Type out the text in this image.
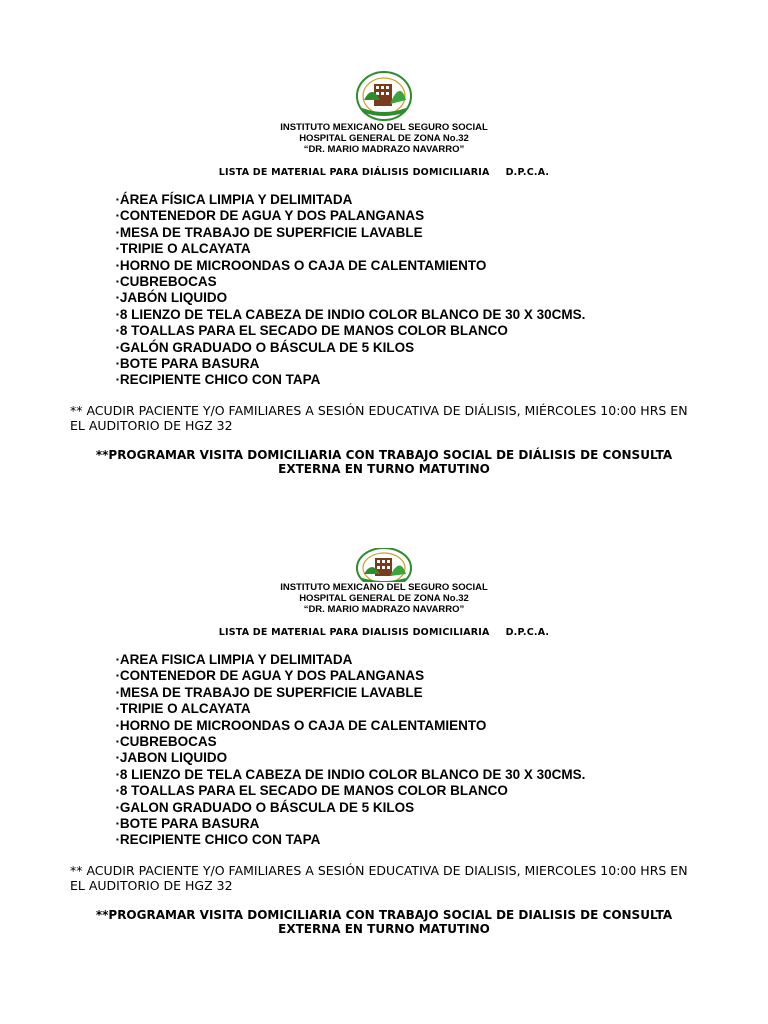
INSTITUTO MEXICANO DEL SEGURO SOCIAL
HOSPITAL GENERAL DE ZONA No.32
“DR. MARIO MADRAZO NAVARRO”
LISTA DE MATERIAL PARA DIÁLISIS DOMICILIARIA D.P.C.A.
▪ÁREA FÍSICA LIMPIA Y DELIMITADA
▪CONTENEDOR DE AGUA Y DOS PALANGANAS
▪MESA DE TRABAJO DE SUPERFICIE LAVABLE
▪TRIPIE O ALCAYATA
▪HORNO DE MICROONDAS O CAJA DE CALENTAMIENTO
▪CUBREBOCAS
▪JABÓN LIQUIDO
▪8 LIENZO DE TELA CABEZA DE INDIO COLOR BLANCO DE 30 X 30CMS.
▪8 TOALLAS PARA EL SECADO DE MANOS COLOR BLANCO
▪GALÓN GRADUADO O BÁSCULA DE 5 KILOS
▪BOTE PARA BASURA
▪RECIPIENTE CHICO CON TAPA
** ACUDIR PACIENTE Y/O FAMILIARES A SESIÓN EDUCATIVA DE DIÁLISIS, MIÉRCOLES 10:00 HRS EN EL AUDITORIO DE HGZ 32
**PROGRAMAR VISITA DOMICILIARIA CON TRABAJO SOCIAL DE DIÁLISIS DE CONSULTA EXTERNA EN TURNO MATUTINO
INSTITUTO MEXICANO DEL SEGURO SOCIAL
HOSPITAL GENERAL DE ZONA No.32
“DR. MARIO MADRAZO NAVARRO”
LISTA DE MATERIAL PARA DIALISIS DOMICILIARIA D.P.C.A.
▪AREA FISICA LIMPIA Y DELIMITADA
▪CONTENEDOR DE AGUA Y DOS PALANGANAS
▪MESA DE TRABAJO DE SUPERFICIE LAVABLE
▪TRIPIE O ALCAYATA
▪HORNO DE MICROONDAS O CAJA DE CALENTAMIENTO
▪CUBREBOCAS
▪JABON LIQUIDO
▪8 LIENZO DE TELA CABEZA DE INDIO COLOR BLANCO DE 30 X 30CMS.
▪8 TOALLAS PARA EL SECADO DE MANOS COLOR BLANCO
▪GALON GRADUADO O BÁSCULA DE 5 KILOS
▪BOTE PARA BASURA
▪RECIPIENTE CHICO CON TAPA
** ACUDIR PACIENTE Y/O FAMILIARES A SESIÓN EDUCATIVA DE DIALISIS, MIERCOLES 10:00 HRS EN EL AUDITORIO DE HGZ 32
**PROGRAMAR VISITA DOMICILIARIA CON TRABAJO SOCIAL DE DIALISIS DE CONSULTA EXTERNA EN TURNO MATUTINO
